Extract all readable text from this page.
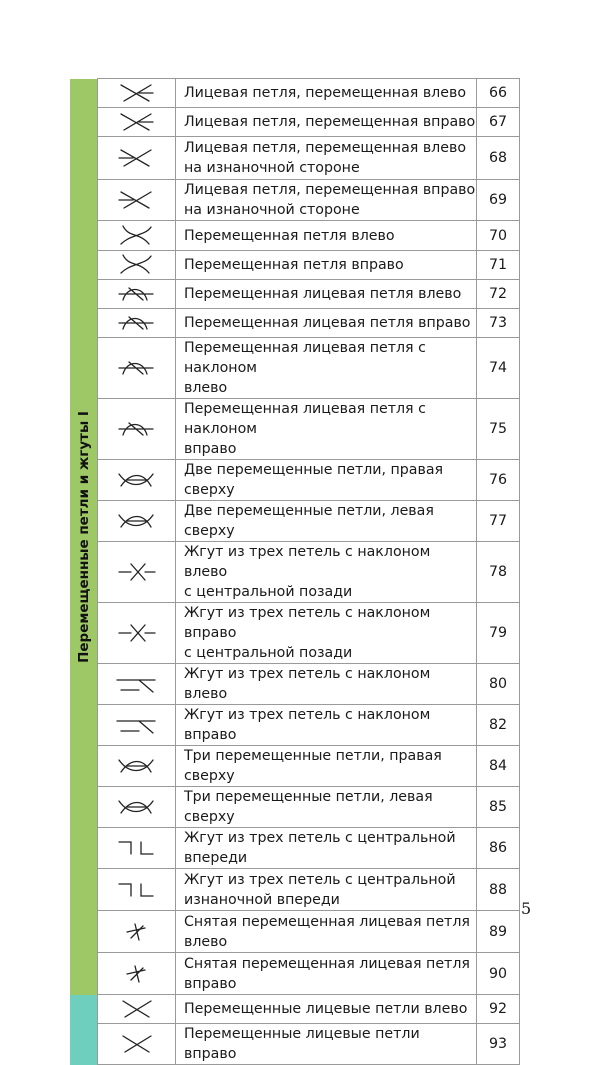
Перемещенные петли и жгуты I		Лицевая петля, перемещенная влево	66

Лицевая петля, перемещенная вправо	67

Лицевая петля, перемещенная влево
на изнаночной стороне	68

Лицевая петля, перемещенная вправо
на изнаночной стороне	69

Перемещенная петля влево	70

Перемещенная петля вправо	71

Перемещенная лицевая петля влево	72

Перемещенная лицевая петля вправо	73

Перемещенная лицевая петля с наклоном
влево	74

Перемещенная лицевая петля с наклоном
вправо	75

Две перемещенные петли, правая сверху	76

Две перемещенные петли, левая сверху	77

Жгут из трех петель с наклоном влево
с центральной позади	78

Жгут из трех петель с наклоном вправо
с центральной позади	79

Жгут из трех петель с наклоном влево	80

Жгут из трех петель с наклоном вправо	82

Три перемещенные петли, правая сверху	84

Три перемещенные петли, левая сверху	85

Жгут из трех петель с центральной
впереди	86

Жгут из трех петель с центральной
изнаночной впереди	88

Снятая перемещенная лицевая петля
влево	89

Снятая перемещенная лицевая петля
вправо	90

Перемещенные лицевые петли влево	92

Перемещенные лицевые петли вправо	93
5
